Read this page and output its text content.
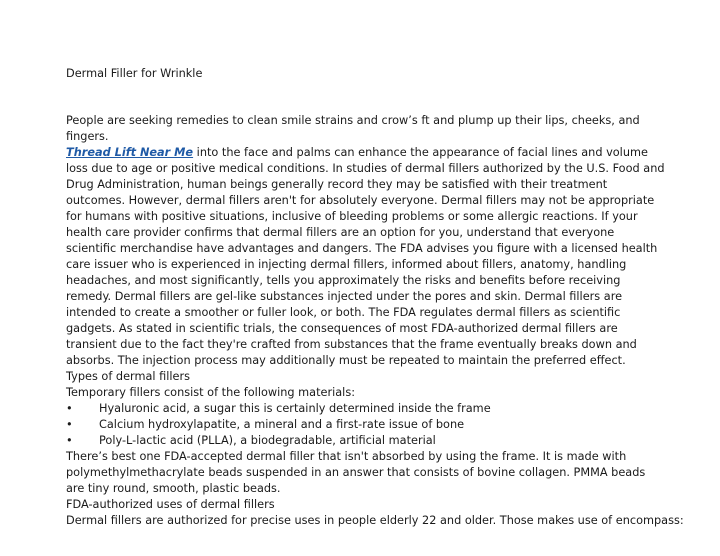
Dermal Filler for Wrinkle

People are seeking remedies to clean smile strains and crow’s ft and plump up their lips, cheeks, and fingers.
Thread Lift Near Me into the face and palms can enhance the appearance of facial lines and volume loss due to age or positive medical conditions. In studies of dermal fillers authorized by the U.S. Food and Drug Administration, human beings generally record they may be satisfied with their treatment outcomes. However, dermal fillers aren't for absolutely everyone. Dermal fillers may not be appropriate for humans with positive situations, inclusive of bleeding problems or some allergic reactions. If your health care provider confirms that dermal fillers are an option for you, understand that everyone scientific merchandise have advantages and dangers. The FDA advises you figure with a licensed health care issuer who is experienced in injecting dermal fillers, informed about fillers, anatomy, handling headaches, and most significantly, tells you approximately the risks and benefits before receiving remedy. Dermal fillers are gel-like substances injected under the pores and skin. Dermal fillers are intended to create a smoother or fuller look, or both. The FDA regulates dermal fillers as scientific gadgets. As stated in scientific trials, the consequences of most FDA-authorized dermal fillers are transient due to the fact they're crafted from substances that the frame eventually breaks down and absorbs. The injection process may additionally must be repeated to maintain the preferred effect.

Types of dermal fillers

Temporary fillers consist of the following materials:

•	Hyaluronic acid, a sugar this is certainly determined inside the frame
•	Calcium hydroxylapatite, a mineral and a first-rate issue of bone
•	Poly-L-lactic acid (PLLA), a biodegradable, artificial material

There’s best one FDA-accepted dermal filler that isn't absorbed by using the frame. It is made with polymethylmethacrylate beads suspended in an answer that consists of bovine collagen. PMMA beads are tiny round, smooth, plastic beads.

FDA-authorized uses of dermal fillers

Dermal fillers are authorized for precise uses in people elderly 22 and older. Those makes use of encompass:
